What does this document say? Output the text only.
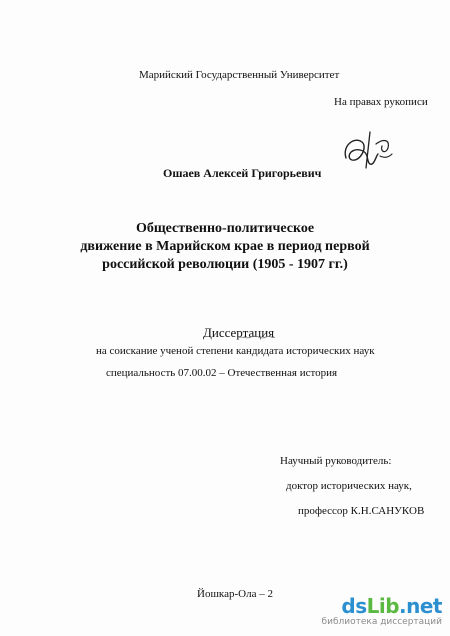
Марийский Государственный Университет
На правах рукописи
Ошаев Алексей Григорьевич
Общественно-политическое
движение в Марийском крае в период первой
российской революции (1905 - 1907 гг.)
Диссертация
на соискание ученой степени кандидата исторических наук
специальность 07.00.02 – Отечественная история
Научный руководитель:
доктор исторических наук,
профессор К.Н.САНУКОВ
Йошкар-Ола – 2	dsLib.net
библиотека диссертаций
